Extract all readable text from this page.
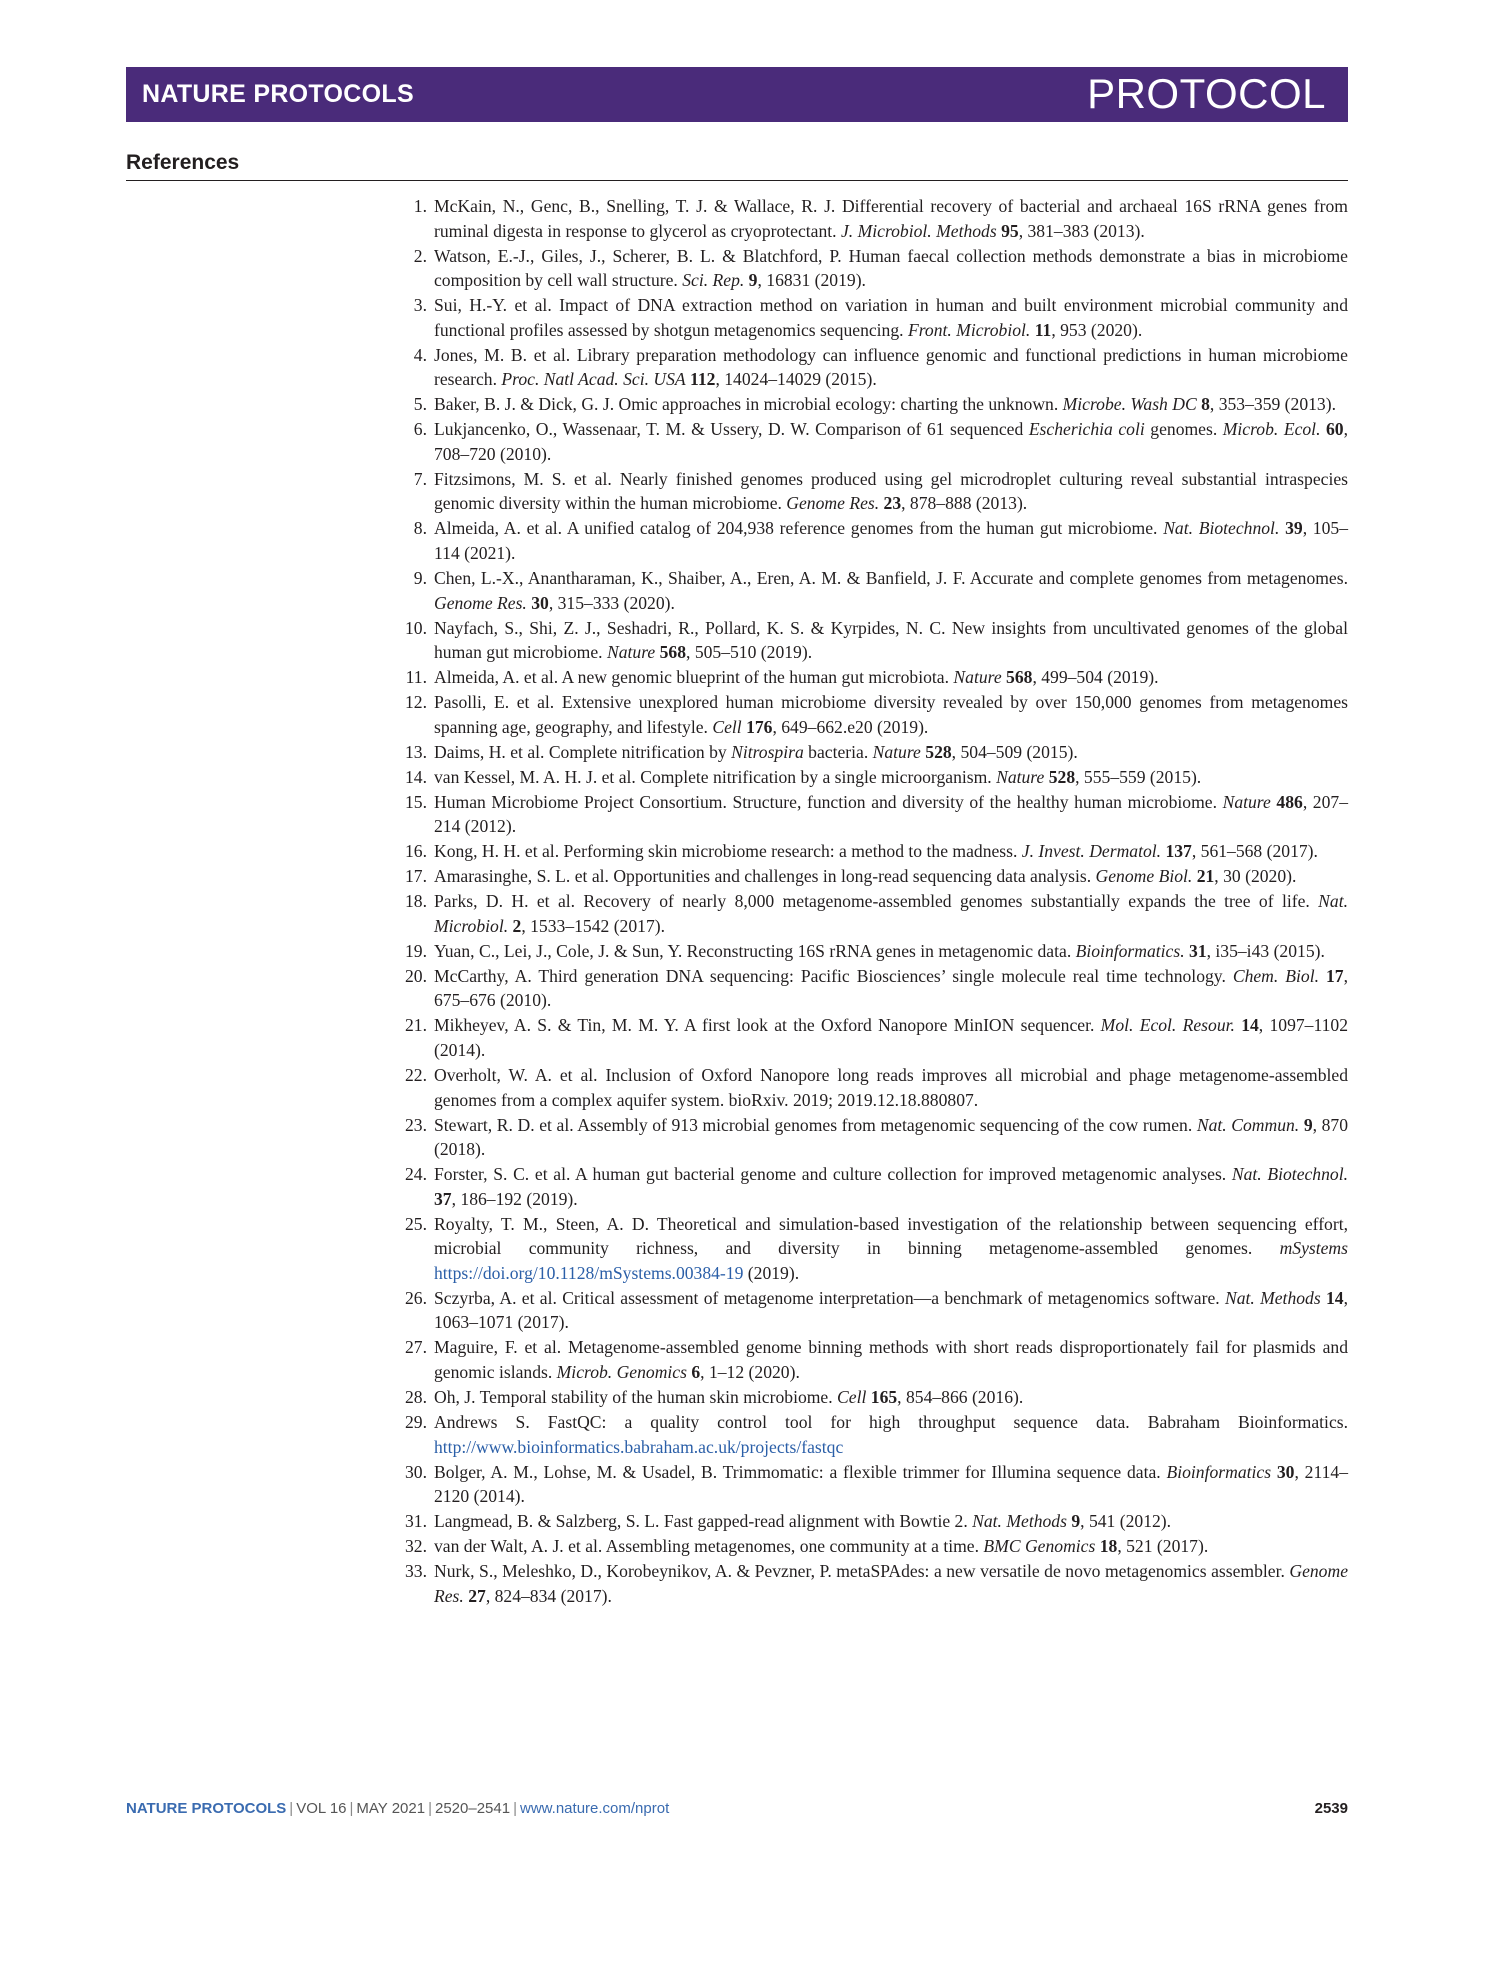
NATURE PROTOCOLS	PROTOCOL
References
1. McKain, N., Genc, B., Snelling, T. J. & Wallace, R. J. Differential recovery of bacterial and archaeal 16S rRNA genes from ruminal digesta in response to glycerol as cryoprotectant. J. Microbiol. Methods 95, 381–383 (2013).
2. Watson, E.-J., Giles, J., Scherer, B. L. & Blatchford, P. Human faecal collection methods demonstrate a bias in microbiome composition by cell wall structure. Sci. Rep. 9, 16831 (2019).
3. Sui, H.-Y. et al. Impact of DNA extraction method on variation in human and built environment microbial community and functional profiles assessed by shotgun metagenomics sequencing. Front. Microbiol. 11, 953 (2020).
4. Jones, M. B. et al. Library preparation methodology can influence genomic and functional predictions in human microbiome research. Proc. Natl Acad. Sci. USA 112, 14024–14029 (2015).
5. Baker, B. J. & Dick, G. J. Omic approaches in microbial ecology: charting the unknown. Microbe. Wash DC 8, 353–359 (2013).
6. Lukjancenko, O., Wassenaar, T. M. & Ussery, D. W. Comparison of 61 sequenced Escherichia coli genomes. Microb. Ecol. 60, 708–720 (2010).
7. Fitzsimons, M. S. et al. Nearly finished genomes produced using gel microdroplet culturing reveal substantial intraspecies genomic diversity within the human microbiome. Genome Res. 23, 878–888 (2013).
8. Almeida, A. et al. A unified catalog of 204,938 reference genomes from the human gut microbiome. Nat. Biotechnol. 39, 105–114 (2021).
9. Chen, L.-X., Anantharaman, K., Shaiber, A., Eren, A. M. & Banfield, J. F. Accurate and complete genomes from metagenomes. Genome Res. 30, 315–333 (2020).
10. Nayfach, S., Shi, Z. J., Seshadri, R., Pollard, K. S. & Kyrpides, N. C. New insights from uncultivated genomes of the global human gut microbiome. Nature 568, 505–510 (2019).
11. Almeida, A. et al. A new genomic blueprint of the human gut microbiota. Nature 568, 499–504 (2019).
12. Pasolli, E. et al. Extensive unexplored human microbiome diversity revealed by over 150,000 genomes from metagenomes spanning age, geography, and lifestyle. Cell 176, 649–662.e20 (2019).
13. Daims, H. et al. Complete nitrification by Nitrospira bacteria. Nature 528, 504–509 (2015).
14. van Kessel, M. A. H. J. et al. Complete nitrification by a single microorganism. Nature 528, 555–559 (2015).
15. Human Microbiome Project Consortium. Structure, function and diversity of the healthy human microbiome. Nature 486, 207–214 (2012).
16. Kong, H. H. et al. Performing skin microbiome research: a method to the madness. J. Invest. Dermatol. 137, 561–568 (2017).
17. Amarasinghe, S. L. et al. Opportunities and challenges in long-read sequencing data analysis. Genome Biol. 21, 30 (2020).
18. Parks, D. H. et al. Recovery of nearly 8,000 metagenome-assembled genomes substantially expands the tree of life. Nat. Microbiol. 2, 1533–1542 (2017).
19. Yuan, C., Lei, J., Cole, J. & Sun, Y. Reconstructing 16S rRNA genes in metagenomic data. Bioinformatics. 31, i35–i43 (2015).
20. McCarthy, A. Third generation DNA sequencing: Pacific Biosciences’ single molecule real time technology. Chem. Biol. 17, 675–676 (2010).
21. Mikheyev, A. S. & Tin, M. M. Y. A first look at the Oxford Nanopore MinION sequencer. Mol. Ecol. Resour. 14, 1097–1102 (2014).
22. Overholt, W. A. et al. Inclusion of Oxford Nanopore long reads improves all microbial and phage metagenome-assembled genomes from a complex aquifer system. bioRxiv. 2019; 2019.12.18.880807.
23. Stewart, R. D. et al. Assembly of 913 microbial genomes from metagenomic sequencing of the cow rumen. Nat. Commun. 9, 870 (2018).
24. Forster, S. C. et al. A human gut bacterial genome and culture collection for improved metagenomic analyses. Nat. Biotechnol. 37, 186–192 (2019).
25. Royalty, T. M., Steen, A. D. Theoretical and simulation-based investigation of the relationship between sequencing effort, microbial community richness, and diversity in binning metagenome-assembled genomes. mSystems https://doi.org/10.1128/mSystems.00384-19 (2019).
26. Sczyrba, A. et al. Critical assessment of metagenome interpretation—a benchmark of metagenomics software. Nat. Methods 14, 1063–1071 (2017).
27. Maguire, F. et al. Metagenome-assembled genome binning methods with short reads disproportionately fail for plasmids and genomic islands. Microb. Genomics 6, 1–12 (2020).
28. Oh, J. Temporal stability of the human skin microbiome. Cell 165, 854–866 (2016).
29. Andrews S. FastQC: a quality control tool for high throughput sequence data. Babraham Bioinformatics. http://www.bioinformatics.babraham.ac.uk/projects/fastqc
30. Bolger, A. M., Lohse, M. & Usadel, B. Trimmomatic: a flexible trimmer for Illumina sequence data. Bioinformatics 30, 2114–2120 (2014).
31. Langmead, B. & Salzberg, S. L. Fast gapped-read alignment with Bowtie 2. Nat. Methods 9, 541 (2012).
32. van der Walt, A. J. et al. Assembling metagenomes, one community at a time. BMC Genomics 18, 521 (2017).
33. Nurk, S., Meleshko, D., Korobeynikov, A. & Pevzner, P. metaSPAdes: a new versatile de novo metagenomics assembler. Genome Res. 27, 824–834 (2017).
NATURE PROTOCOLS | VOL 16 | MAY 2021 | 2520–2541 | www.nature.com/nprot	2539
